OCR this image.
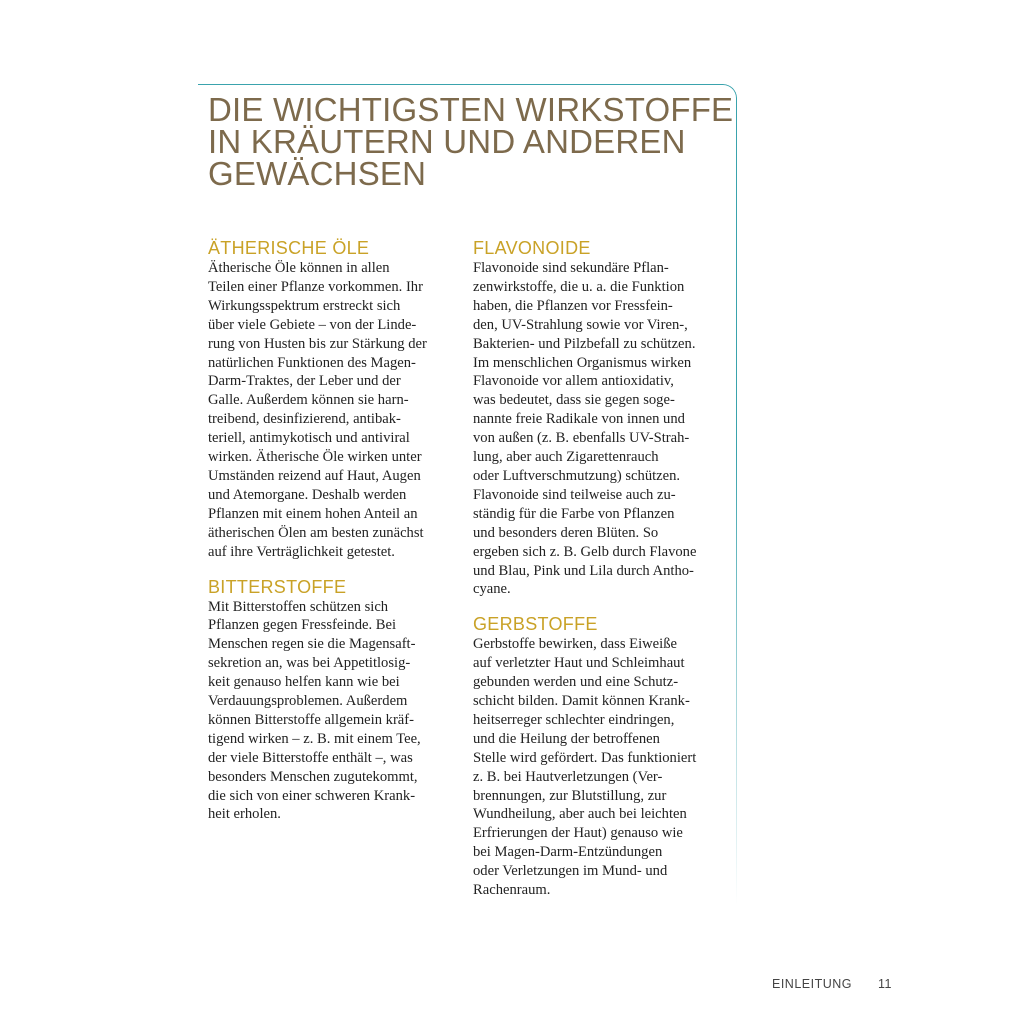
DIE WICHTIGSTEN WIRKSTOFFE
IN KRÄUTERN UND ANDEREN
GEWÄCHSEN
ÄTHERISCHE ÖLE

Ätherische Öle können in allen
Teilen einer Pflanze vorkommen. Ihr
Wirkungsspektrum erstreckt sich
über viele Gebiete – von der Linde-
rung von Husten bis zur Stärkung der
natürlichen Funktionen des Magen-
Darm-Traktes, der Leber und der
Galle. Außerdem können sie harn-
treibend, desinfizierend, antibak-
teriell, antimykotisch und antiviral
wirken. Ätherische Öle wirken unter
Umständen reizend auf Haut, Augen
und Atemorgane. Deshalb werden
Pflanzen mit einem hohen Anteil an
ätherischen Ölen am besten zunächst
auf ihre Verträglichkeit getestet.

BITTERSTOFFE

Mit Bitterstoffen schützen sich
Pflanzen gegen Fressfeinde. Bei
Menschen regen sie die Magensaft-
sekretion an, was bei Appetitlosig-
keit genauso helfen kann wie bei
Verdauungsproblemen. Außerdem
können Bitterstoffe allgemein kräf-
tigend wirken – z. B. mit einem Tee,
der viele Bitterstoffe enthält –, was
besonders Menschen zugutekommt,
die sich von einer schweren Krank-
heit erholen.

FLAVONOIDE

Flavonoide sind sekundäre Pflan-
zenwirkstoffe, die u. a. die Funktion
haben, die Pflanzen vor Fressfein-
den, UV-Strahlung sowie vor Viren-,
Bakterien- und Pilzbefall zu schützen.
Im menschlichen Organismus wirken
Flavonoide vor allem antioxidativ,
was bedeutet, dass sie gegen soge-
nannte freie Radikale von innen und
von außen (z. B. ebenfalls UV-Strah-
lung, aber auch Zigarettenrauch
oder Luftverschmutzung) schützen.
Flavonoide sind teilweise auch zu-
ständig für die Farbe von Pflanzen
und besonders deren Blüten. So
ergeben sich z. B. Gelb durch Flavone
und Blau, Pink und Lila durch Antho-
cyane.

GERBSTOFFE

Gerbstoffe bewirken, dass Eiweiße
auf verletzter Haut und Schleimhaut
gebunden werden und eine Schutz-
schicht bilden. Damit können Krank-
heitserreger schlechter eindringen,
und die Heilung der betroffenen
Stelle wird gefördert. Das funktioniert
z. B. bei Hautverletzungen (Ver-
brennungen, zur Blutstillung, zur
Wundheilung, aber auch bei leichten
Erfrierungen der Haut) genauso wie
bei Magen-Darm-Entzündungen
oder Verletzungen im Mund- und
Rachenraum.

EINLEITUNG 11
